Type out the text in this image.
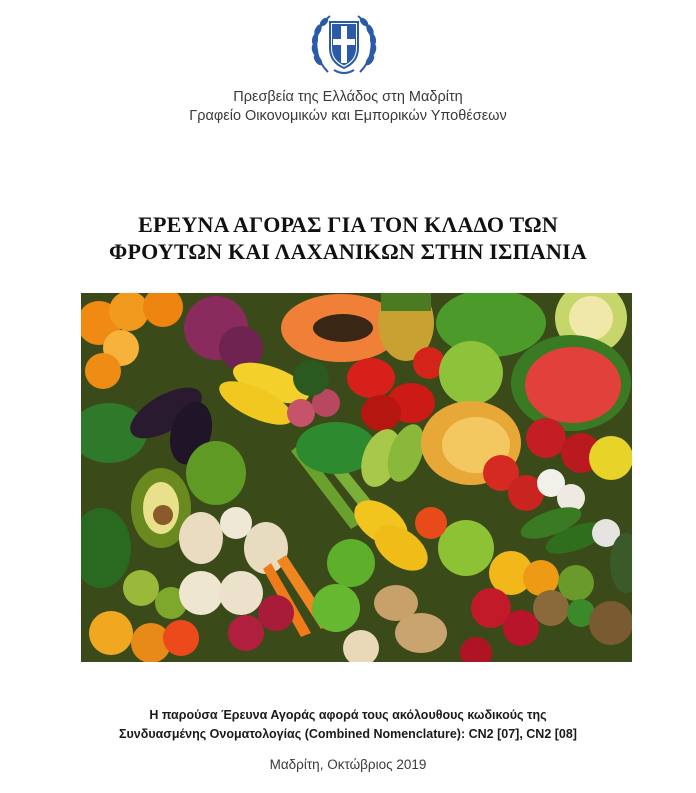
Πρεσβεία της Ελλάδος στη Μαδρίτη
Γραφείο Οικονομικών και Εμπορικών Υποθέσεων
ΕΡΕΥΝΑ ΑΓΟΡΑΣ ΓΙΑ ΤΟΝ ΚΛΑΔΟ ΤΩΝ
ΦΡΟΥΤΩΝ ΚΑΙ ΛΑΧΑΝΙΚΩΝ ΣΤΗΝ ΙΣΠΑΝΙΑ
Η παρούσα Έρευνα Αγοράς αφορά τους ακόλουθους κωδικούς της
Συνδυασμένης Ονοματολογίας (Combined Nomenclature): CN2 [07], CN2 [08]
Μαδρίτη, Οκτώβριος 2019
